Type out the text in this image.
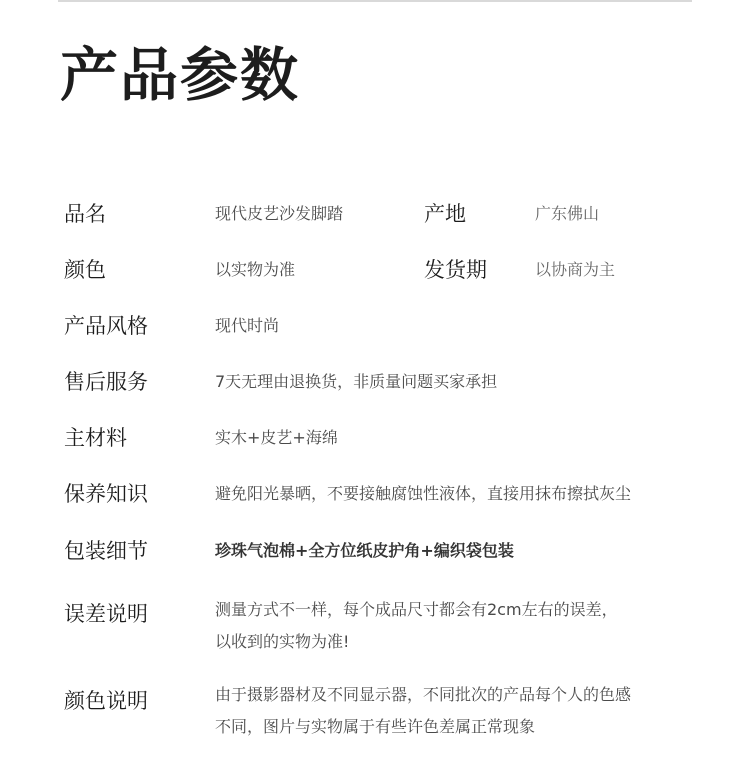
产品参数
品名	现代皮艺沙发脚踏	产地	广东佛山
颜色	以实物为准	发货期	以协商为主
产品风格	现代时尚
售后服务	7天无理由退换货，非质量问题买家承担
主材料	实木+皮艺+海绵
保养知识	避免阳光暴晒，不要接触腐蚀性液体，直接用抹布擦拭灰尘
包装细节	珍珠气泡棉+全方位纸皮护角+编织袋包装
误差说明	测量方式不一样，每个成品尺寸都会有2cm左右的误差，
以收到的实物为准!
颜色说明	由于摄影器材及不同显示器，不同批次的产品每个人的色感
不同，图片与实物属于有些许色差属正常现象
